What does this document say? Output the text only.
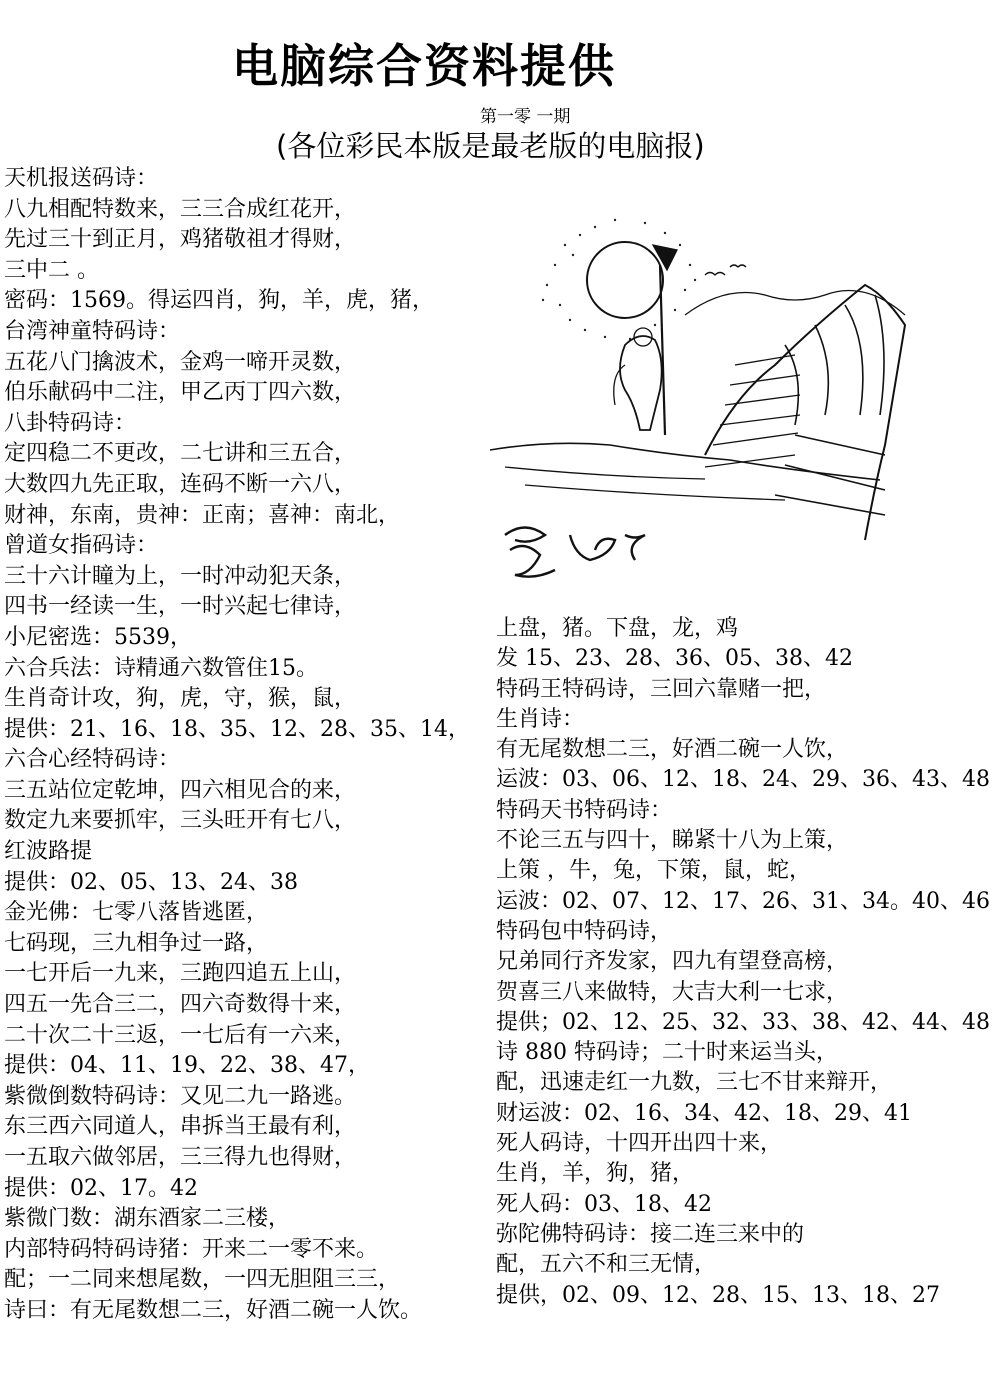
电脑综合资料提供
第一零 一期
(各位彩民本版是最老版的电脑报)
天机报送码诗：
八九相配特数来，三三合成红花开，
先过三十到正月，鸡猪敬祖才得财，
三中二 。
密码：1569。得运四肖，狗，羊，虎，猪，
台湾神童特码诗：
五花八门擒波术，金鸡一啼开灵数，
伯乐献码中二注，甲乙丙丁四六数，
八卦特码诗：
定四稳二不更改，二七讲和三五合，
大数四九先正取，连码不断一六八，
财神，东南，贵神：正南；喜神：南北，
曾道女指码诗：
三十六计瞳为上，一时冲动犯天条，
四书一经读一生，一时兴起七律诗，
小尼密选：5539，
六合兵法：诗精通六数管住15。
生肖奇计攻，狗，虎，守，猴，鼠，
提供：21、16、18、35、12、28、35、14，
六合心经特码诗：
三五站位定乾坤，四六相见合的来，
数定九来要抓牢，三头旺开有七八，
红波路提
提供：02、05、13、24、38
金光佛：七零八落皆逃匿，
七码现，三九相争过一路，
一七开后一九来，三跑四追五上山，
四五一先合三二，四六奇数得十来，
二十次二十三返，一七后有一六来，
提供：04、11、19、22、38、47，
紫微倒数特码诗：又见二九一路逃。
东三西六同道人，串拆当王最有利，
一五取六做邻居，三三得九也得财，
提供：02、17。42
紫微门数：湖东酒家二三楼，
内部特码特码诗猪：开来二一零不来。
配；一二同来想尾数，一四无胆阻三三，
诗曰：有无尾数想二三，好酒二碗一人饮。
上盘，猪。下盘，龙，鸡
发 15、23、28、36、05、38、42
特码王特码诗，三回六靠赌一把，
生肖诗：
有无尾数想二三，好酒二碗一人饮，
运波：03、06、12、18、24、29、36、43、48
特码天书特码诗：
不论三五与四十，睇紧十八为上策，
上策 ，牛，兔，下策，鼠，蛇，
运波：02、07、12、17、26、31、34。40、46
特码包中特码诗，
兄弟同行齐发家，四九有望登高榜，
贺喜三八来做特，大吉大利一七求，
提供；02、12、25、32、33、38、42、44、48
诗 880 特码诗；二十时来运当头，
配，迅速走红一九数，三七不甘来辩开，
财运波：02、16、34、42、18、29、41
死人码诗，十四开出四十来，
生肖，羊，狗，猪，
死人码：03、18、42
弥陀佛特码诗：接二连三来中的
配，五六不和三无情，
提供，02、09、12、28、15、13、18、27
